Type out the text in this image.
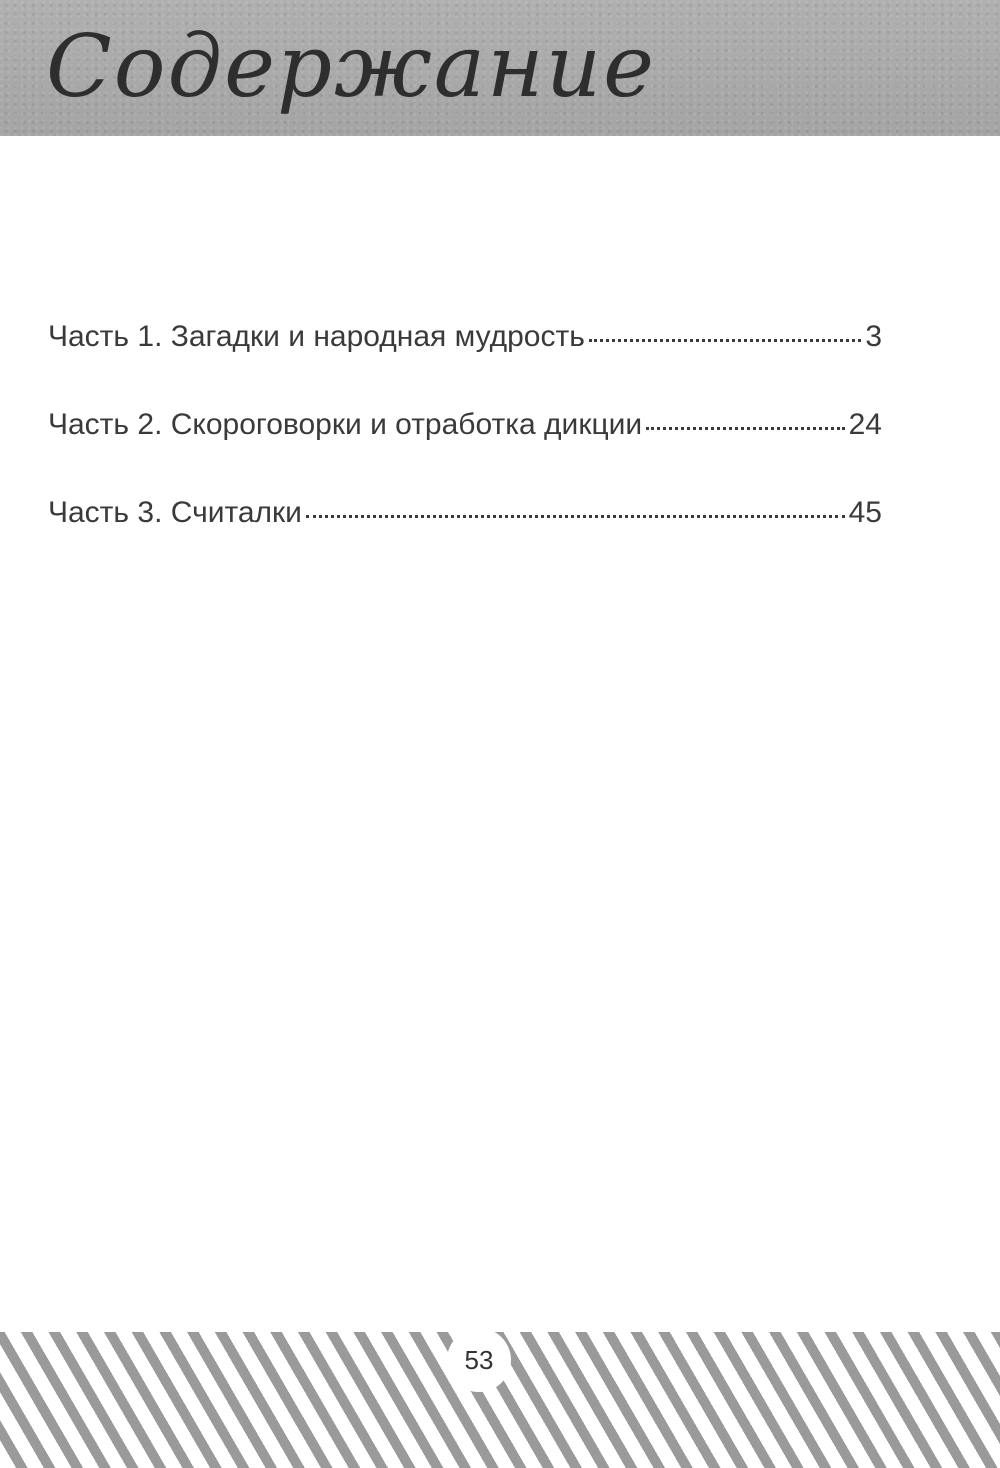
Содержание
Часть 1. Загадки и народная мудрость	3
Часть 2. Скороговорки и отработка дикции	24
Часть 3. Считалки	45
53
